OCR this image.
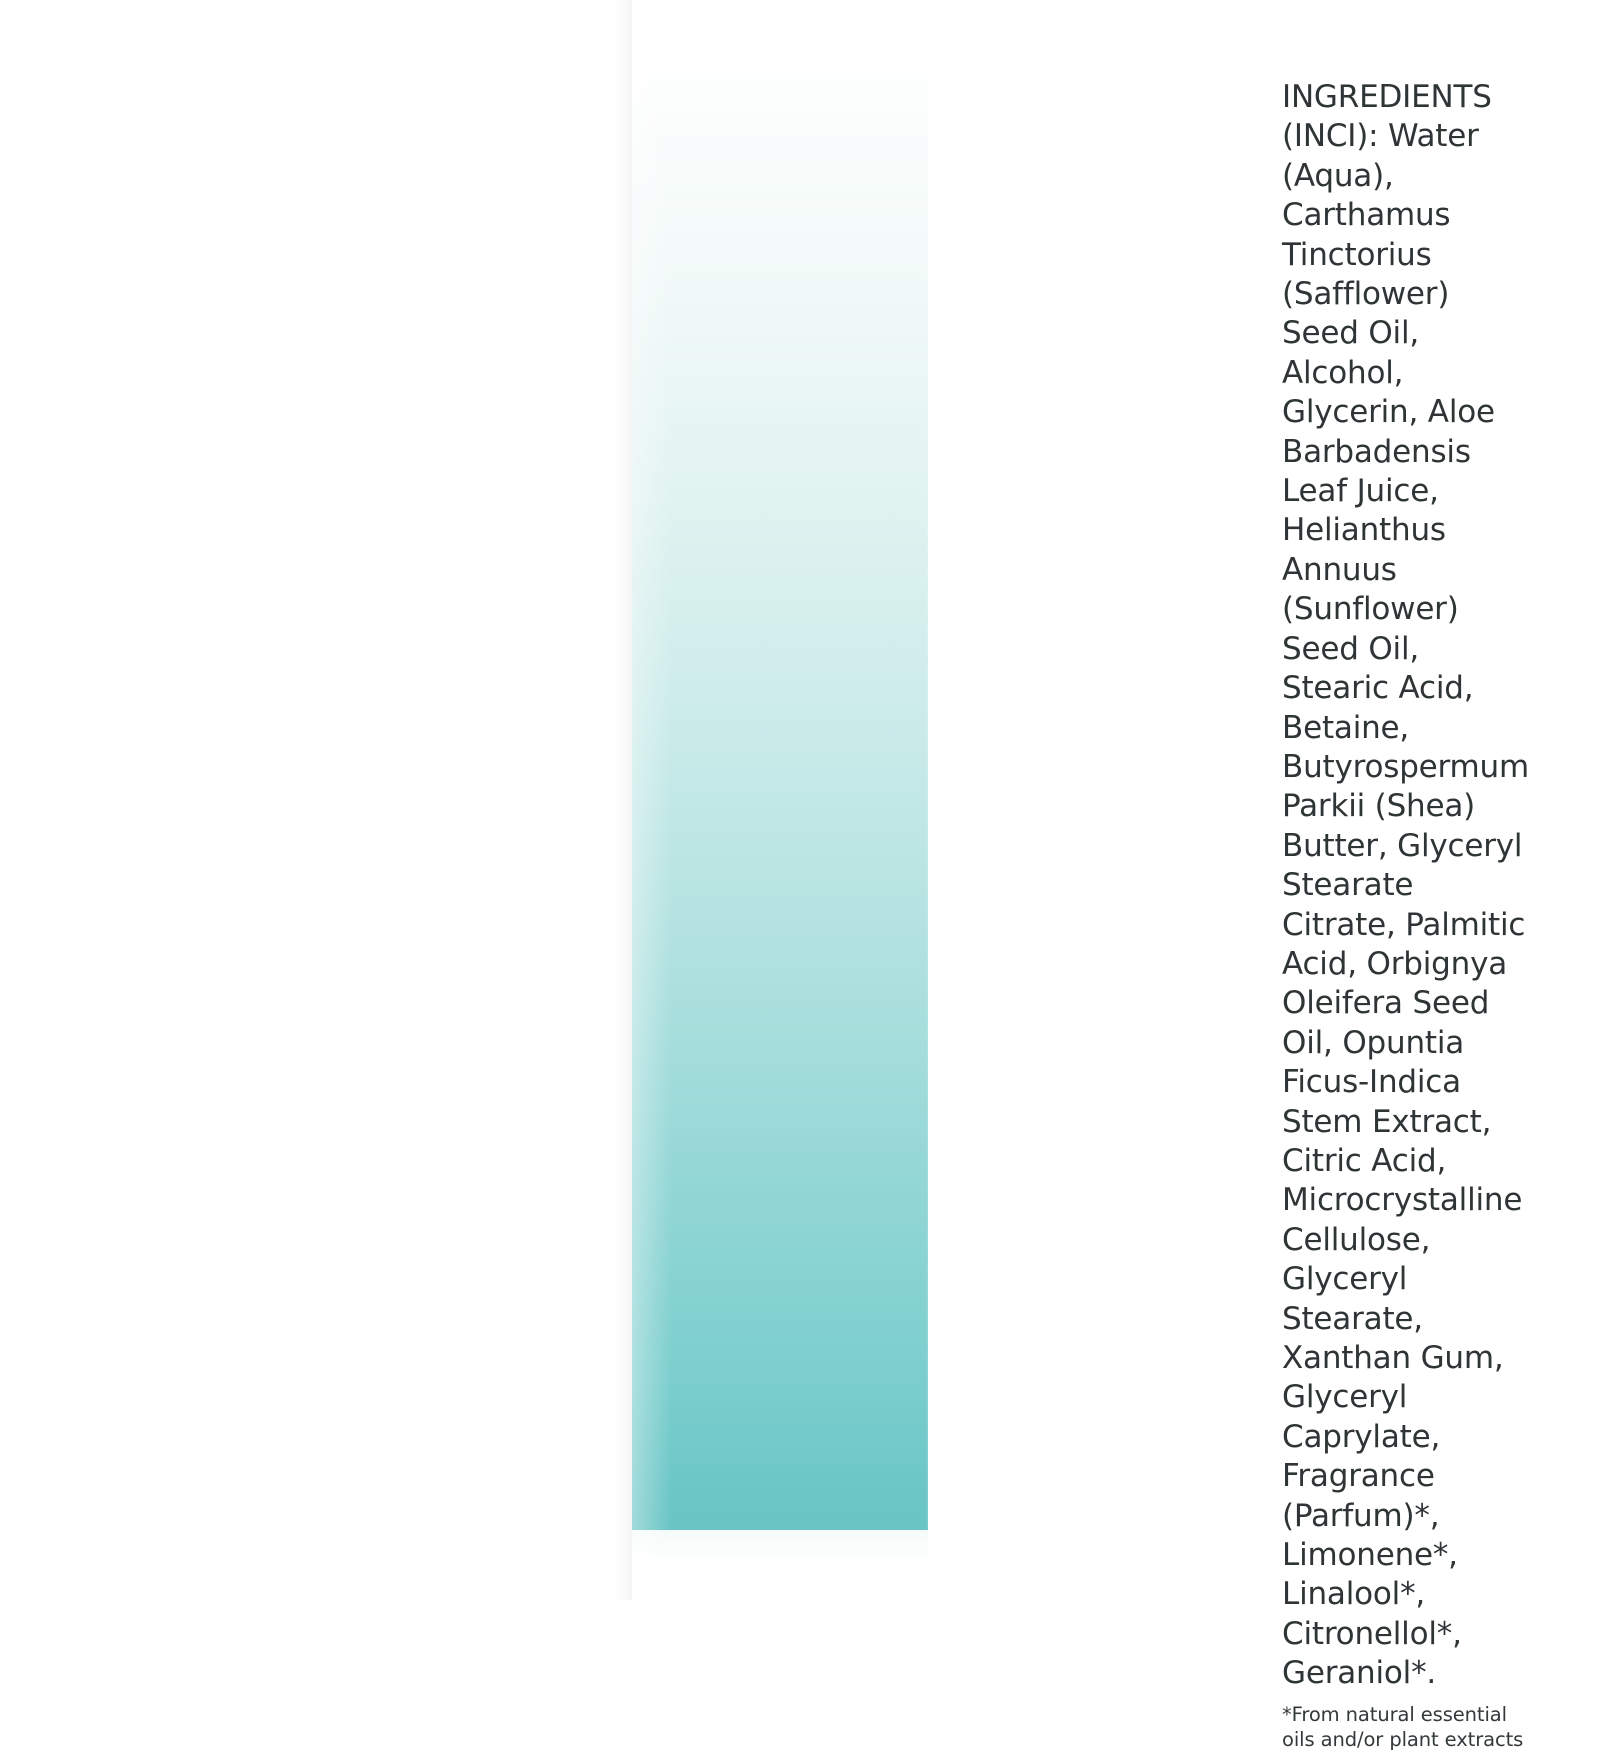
INGREDIENTS (INCI): Water (Aqua), Carthamus Tinctorius (Safflower) Seed Oil, Alcohol, Glycerin, Aloe Barbadensis Leaf Juice, Helianthus Annuus (Sunflower) Seed Oil, Stearic Acid, Betaine, Butyrospermum Parkii (Shea) Butter, Glyceryl Stearate Citrate, Palmitic Acid, Orbignya Oleifera Seed Oil, Opuntia Ficus-Indica Stem Extract, Citric Acid, Microcrystalline Cellulose, Glyceryl Stearate, Xanthan Gum, Glyceryl Caprylate, Fragrance (Parfum)*, Limonene*, Linalool*, Citronellol*, Geraniol*.
*From natural essential oils and/or plant extracts
